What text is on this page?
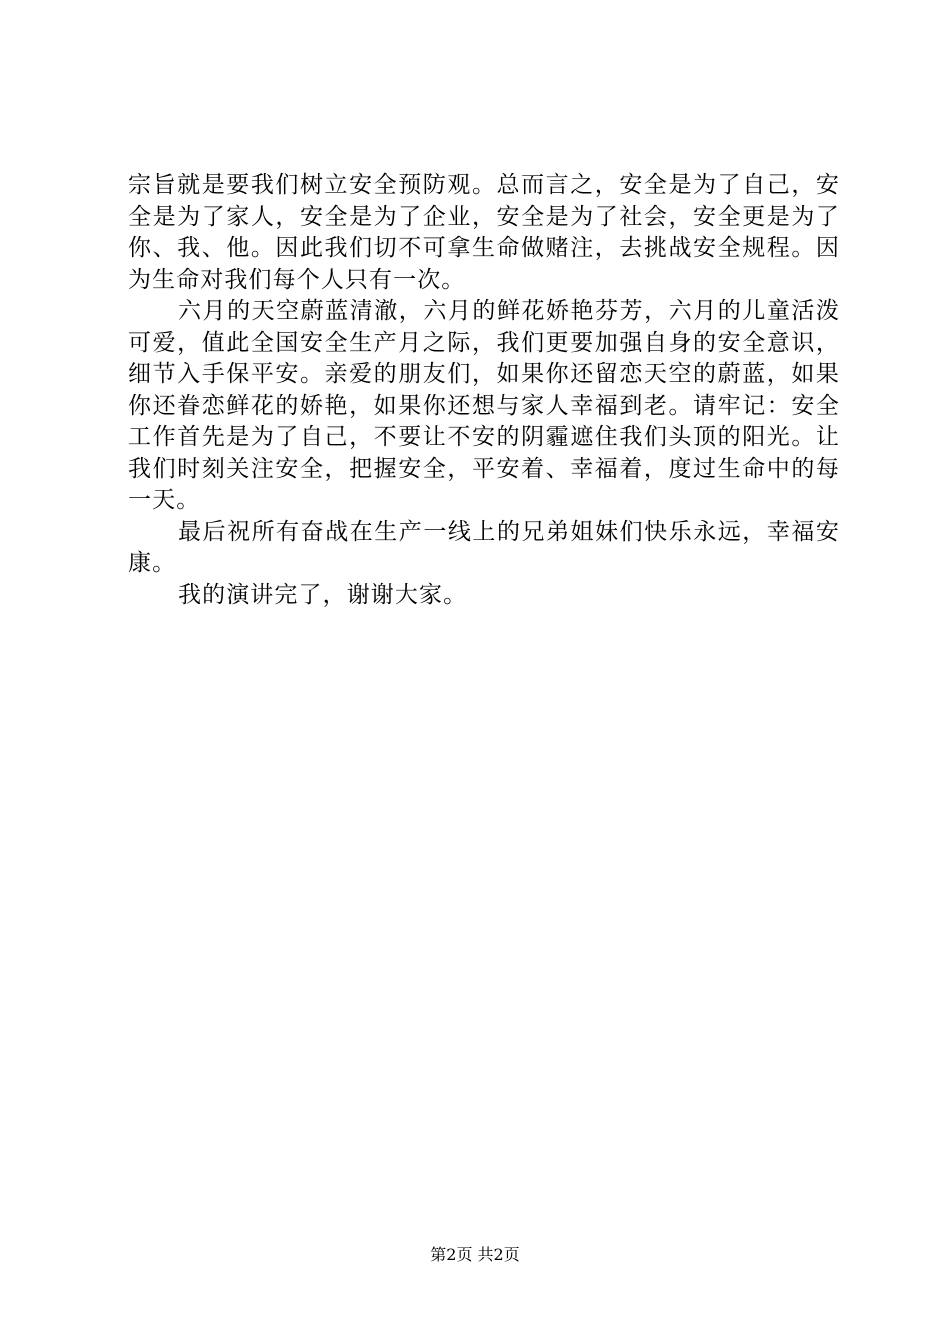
宗旨就是要我们树立安全预防观。总而言之，安全是为了自己，安全是为了家人，安全是为了企业，安全是为了社会，安全更是为了你、我、他。因此我们切不可拿生命做赌注，去挑战安全规程。因为生命对我们每个人只有一次。

六月的天空蔚蓝清澈，六月的鲜花娇艳芬芳，六月的儿童活泼可爱，值此全国安全生产月之际，我们更要加强自身的安全意识，细节入手保平安。亲爱的朋友们，如果你还留恋天空的蔚蓝，如果你还眷恋鲜花的娇艳，如果你还想与家人幸福到老。请牢记：安全工作首先是为了自己，不要让不安的阴霾遮住我们头顶的阳光。让我们时刻关注安全，把握安全，平安着、幸福着，度过生命中的每一天。

最后祝所有奋战在生产一线上的兄弟姐妹们快乐永远，幸福安康。

我的演讲完了，谢谢大家。

第2页 共2页
